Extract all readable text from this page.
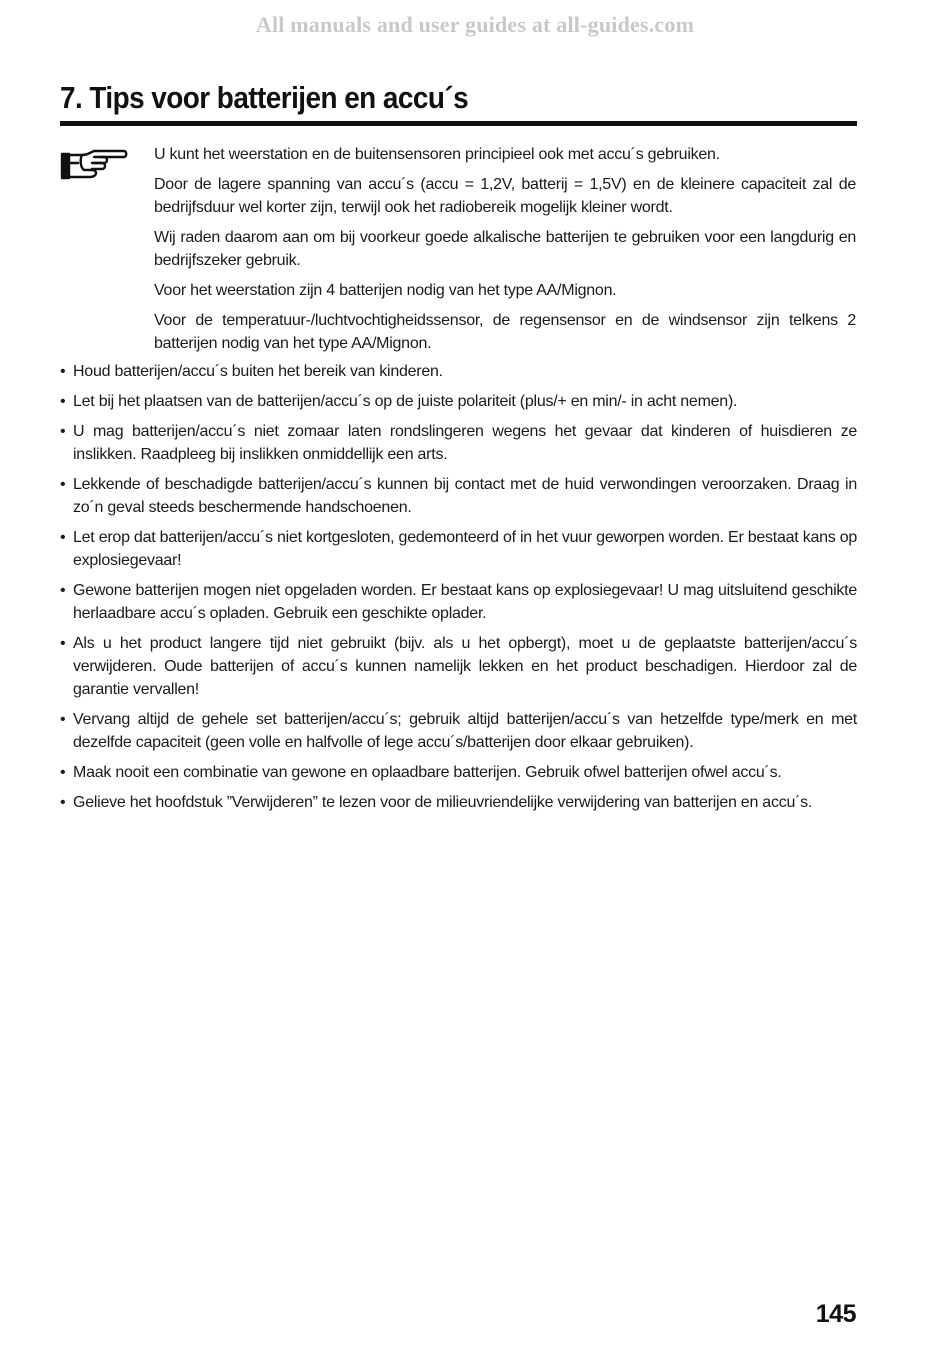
All manuals and user guides at all-guides.com
7. Tips voor batterijen en accu´s

U kunt het weerstation en de buitensensoren principieel ook met accu´s gebruiken.

Door de lagere spanning van accu´s (accu = 1,2V, batterij = 1,5V) en de kleinere capaciteit zal de bedrijfsduur wel korter zijn, terwijl ook het radiobereik mogelijk kleiner wordt.

Wij raden daarom aan om bij voorkeur goede alkalische batterijen te gebruiken voor een langdurig en bedrijfszeker gebruik.

Voor het weerstation zijn 4 batterijen nodig van het type AA/Mignon.

Voor de temperatuur-/luchtvochtigheidssensor, de regensensor en de windsensor zijn telkens 2 batterijen nodig van het type AA/Mignon.

• Houd batterijen/accu´s buiten het bereik van kinderen.
• Let bij het plaatsen van de batterijen/accu´s op de juiste polariteit (plus/+ en min/- in acht nemen).
• U mag batterijen/accu´s niet zomaar laten rondslingeren wegens het gevaar dat kinderen of huisdieren ze inslikken. Raadpleeg bij inslikken onmiddellijk een arts.
• Lekkende of beschadigde batterijen/accu´s kunnen bij contact met de huid verwondingen veroorzaken. Draag in zo´n geval steeds beschermende handschoenen.
• Let erop dat batterijen/accu´s niet kortgesloten, gedemonteerd of in het vuur geworpen worden. Er bestaat kans op explosiegevaar!
• Gewone batterijen mogen niet opgeladen worden. Er bestaat kans op explosiegevaar! U mag uitsluitend geschikte herlaadbare accu´s opladen. Gebruik een geschikte oplader.
• Als u het product langere tijd niet gebruikt (bijv. als u het opbergt), moet u de geplaatste batterijen/accu´s verwijderen. Oude batterijen of accu´s kunnen namelijk lekken en het product beschadigen. Hierdoor zal de garantie vervallen!
• Vervang altijd de gehele set batterijen/accu´s; gebruik altijd batterijen/accu´s van hetzelfde type/merk en met dezelfde capaciteit (geen volle en halfvolle of lege accu´s/batterijen door elkaar gebruiken).
• Maak nooit een combinatie van gewone en oplaadbare batterijen. Gebruik ofwel batterijen ofwel accu´s.
• Gelieve het hoofdstuk ”Verwijderen” te lezen voor de milieuvriendelijke verwijdering van batterijen en accu´s.
145
